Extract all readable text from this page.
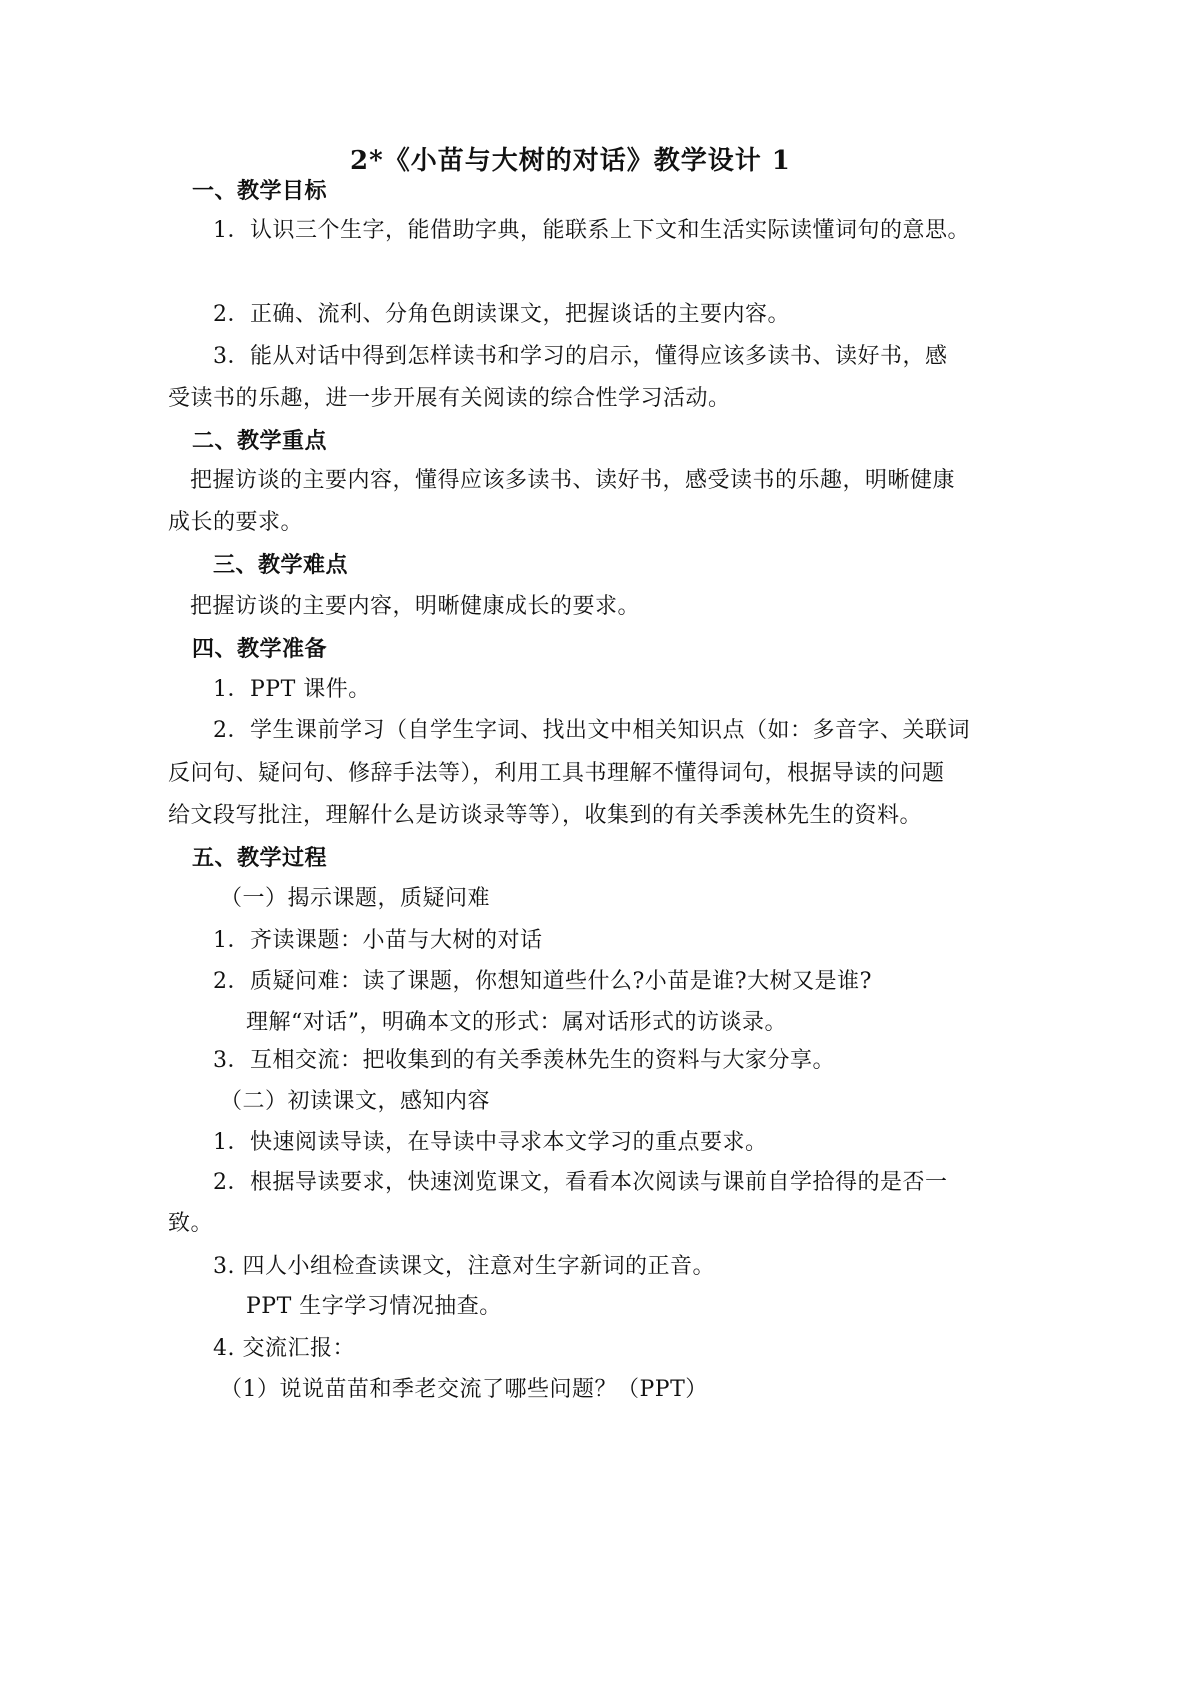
2*《小苗与大树的对话》教学设计 1
一、教学目标
1．认识三个生字，能借助字典，能联系上下文和生活实际读懂词句的意思。
2．正确、流利、分角色朗读课文，把握谈话的主要内容。
3．能从对话中得到怎样读书和学习的启示，懂得应该多读书、读好书，感
受读书的乐趣，进一步开展有关阅读的综合性学习活动。
二、教学重点
把握访谈的主要内容，懂得应该多读书、读好书，感受读书的乐趣，明晰健康
成长的要求。
三、教学难点
把握访谈的主要内容，明晰健康成长的要求。
四、教学准备
1．PPT 课件。
2．学生课前学习（自学生字词、找出文中相关知识点（如：多音字、关联词
反问句、疑问句、修辞手法等），利用工具书理解不懂得词句，根据导读的问题
给文段写批注，理解什么是访谈录等等），收集到的有关季羡林先生的资料。
五、教学过程
（一）揭示课题，质疑问难
1．齐读课题：小苗与大树的对话
2．质疑问难：读了课题，你想知道些什么?小苗是谁?大树又是谁?
理解“对话”，明确本文的形式：属对话形式的访谈录。
3．互相交流：把收集到的有关季羡林先生的资料与大家分享。
（二）初读课文，感知内容
1．快速阅读导读，在导读中寻求本文学习的重点要求。
2．根据导读要求，快速浏览课文，看看本次阅读与课前自学拾得的是否一
致。
3. 四人小组检查读课文，注意对生字新词的正音。
PPT 生字学习情况抽查。
4. 交流汇报：
（1）说说苗苗和季老交流了哪些问题？（PPT）
